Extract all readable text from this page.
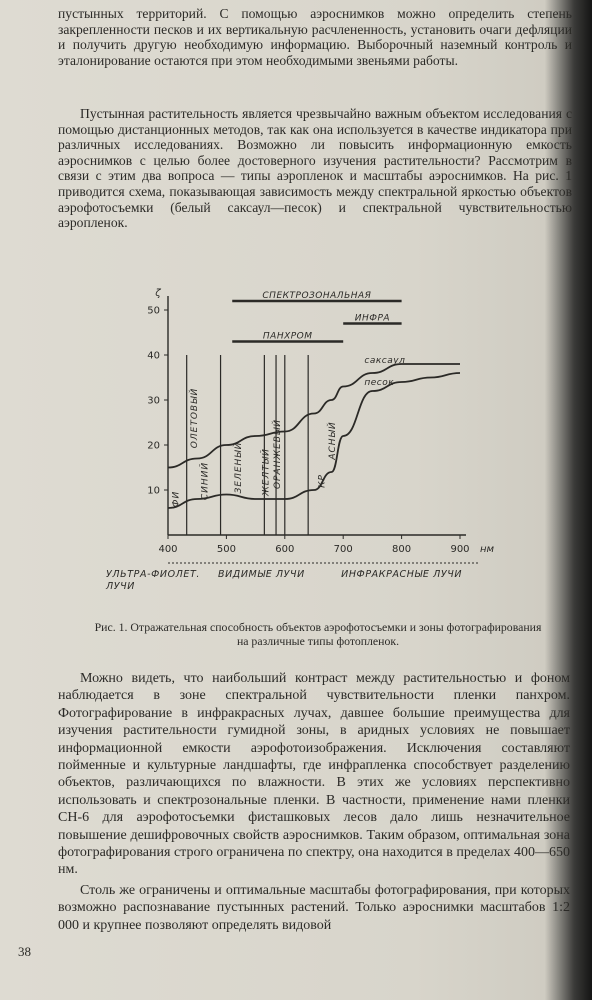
пустынных территорий. С помощью аэроснимков можно определить степень закрепленности песков и их вертикальную расчлененность, установить очаги дефляции и получить другую необходимую информацию. Выборочный наземный контроль и эталонирование остаются при этом необходимыми звеньями работы.

Пустынная растительность является чрезвычайно важным объектом исследования с помощью дистанционных методов, так как она используется в качестве индикатора при различных исследованиях. Возможно ли повысить информационную емкость аэроснимков с целью более достоверного изучения растительности? Рассмотрим в связи с этим два вопроса — типы аэропленок и масштабы аэроснимков. На рис. 1 приводится схема, показывающая зависимость между спектральной яркостью объектов аэрофотосъемки (белый саксаул—песок) и спектральной чувствительностью аэропленок.

СПЕКТРОЗОНАЛЬНАЯ
ИНФРА
ПАНХРОМ
ФИ
ОЛЕТОВЫЙ
СИНИЙ	ЗЕЛЕНЫЙ ЖЕЛТЫЙ ОРАНЖЕВЫЙ	КР
АСНЫЙ
саксаул
песок
10
20
30
40
50
ζ
400	500	600	700	800	900 нм
УЛЬТРА-ФИОЛЕТ.
ЛУЧИ
ВИДИМЫЕ ЛУЧИ	ИНФРАКРАСНЫЕ ЛУЧИ
Рис. 1. Отражательная способность объектов аэрофотосъемки и зоны фотографирования на различные типы фотопленок.

Можно видеть, что наибольший контраст между растительностью и фоном наблюдается в зоне спектральной чувствительности пленки панхром. Фотографирование в инфракрасных лучах, давшее большие преимущества для изучения растительности гумидной зоны, в аридных условиях не повышает информационной емкости аэрофотоизображения. Исключения составляют пойменные и культурные ландшафты, где инфрапленка способствует разделению объектов, различающихся по влажности. В этих же условиях перспективно использовать и спектрозональные пленки. В частности, применение нами пленки СН-6 для аэрофотосъемки фисташковых лесов дало лишь незначительное повышение дешифровочных свойств аэроснимков. Таким образом, оптимальная зона фотографирования строго ограничена по спектру, она находится в пределах 400—650 нм.

Столь же ограничены и оптимальные масштабы фотографирования, при которых возможно распознавание пустынных растений. Только аэроснимки масштабов 1:2 000 и крупнее позволяют определять видовой

38
